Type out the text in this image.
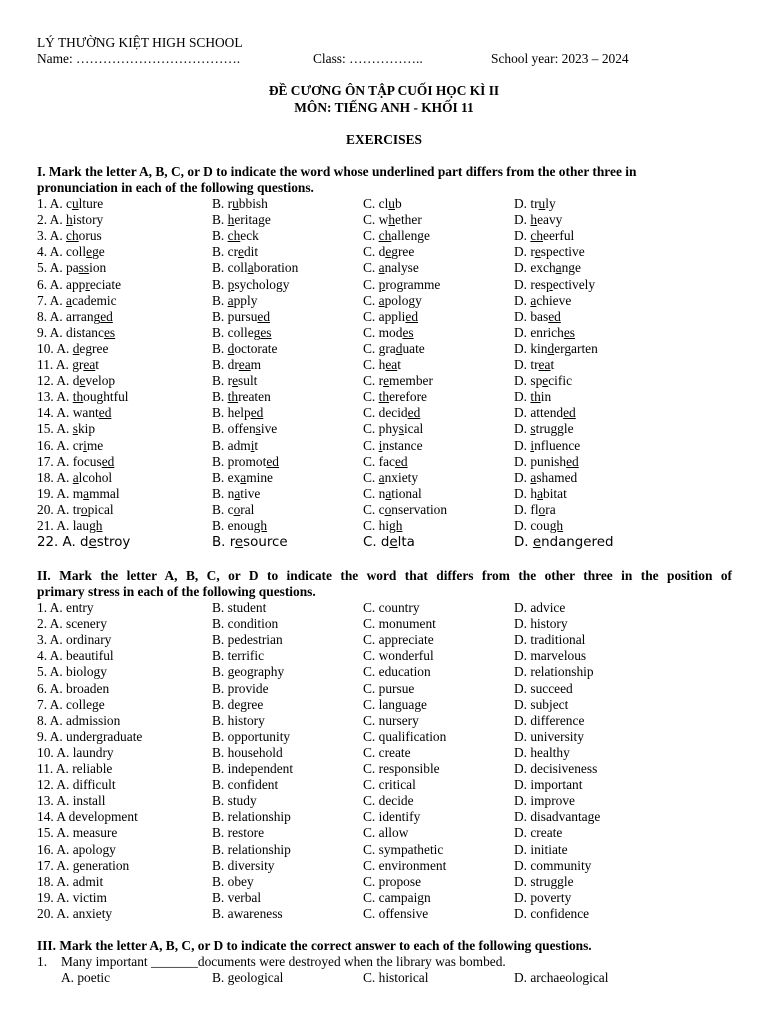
LÝ THƯỜNG KIỆT HIGH SCHOOL
Name: ……………………………….	Class: ……………..	School year: 2023 – 2024
ĐỀ CƯƠNG ÔN TẬP CUỐI HỌC KÌ II
MÔN: TIẾNG ANH - KHỐI 11
EXERCISES
I. Mark the letter A, B, C, or D to indicate the word whose underlined part differs from the other three in
pronunciation in each of the following questions.
1. A. culture	B. rubbish	C. club	D. truly
2. A. history	B. heritage	C. whether	D. heavy
3. A. chorus	B. check	C. challenge	D. cheerful
4. A. college	B. credit	C. degree	D. respective
5. A. passion	B. collaboration	C. analyse	D. exchange
6. A. appreciate	B. psychology	C. programme	D. respectively
7. A. academic	B. apply	C. apology	D. achieve
8. A. arranged	B. pursued	C. applied	D. based
9. A. distances	B. colleges	C. modes	D. enriches
10. A. degree	B. doctorate	C. graduate	D. kindergarten
11. A. great	B. dream	C. heat	D. treat
12. A. develop	B. result	C. remember	D. specific
13. A. thoughtful	B. threaten	C. therefore	D. thin
14. A. wanted	B. helped	C. decided	D. attended
15. A. skip	B. offensive	C. physical	D. struggle
16. A. crime	B. admit	C. instance	D. influence
17. A. focused	B. promoted	C. faced	D. punished
18. A. alcohol	B. examine	C. anxiety	D. ashamed
19. A. mammal	B. native	C. national	D. habitat
20. A. tropical	B. coral	C. conservation	D. flora
21. A. laugh	B. enough	C. high	D. cough
22. A. destroy	B. resource	C. delta	D. endangered
II. Mark the letter A, B, C, or D to indicate the word that differs from the other three in the position of
primary stress in each of the following questions.
1. A. entry	B. student	C. country	D. advice
2. A. scenery	B. condition	C. monument	D. history
3. A. ordinary	B. pedestrian	C. appreciate	D. traditional
4. A. beautiful	B. terrific	C. wonderful	D. marvelous
5. A. biology	B. geography	C. education	D. relationship
6. A. broaden	B. provide	C. pursue	D. succeed
7. A. college	B. degree	C. language	D. subject
8. A. admission	B. history	C. nursery	D. difference
9. A. undergraduate	B. opportunity	C. qualification	D. university
10. A. laundry	B. household	C. create	D. healthy
11. A. reliable	B. independent	C. responsible	D. decisiveness
12. A. difficult	B. confident	C. critical	D. important
13. A. install	B. study	C. decide	D. improve
14. A development	B. relationship	C. identify	D. disadvantage
15. A. measure	B. restore	C. allow	D. create
16. A. apology	B. relationship	C. sympathetic	D. initiate
17. A. generation	B. diversity	C. environment	D. community
18. A. admit	B. obey	C. propose	D. struggle
19. A. victim	B. verbal	C. campaign	D. poverty
20. A. anxiety	B. awareness	C. offensive	D. confidence
III. Mark the letter A, B, C, or D to indicate the correct answer to each of the following questions.
1. Many important _______documents were destroyed when the library was bombed.
A. poetic	B. geological	C. historical	D. archaeological
